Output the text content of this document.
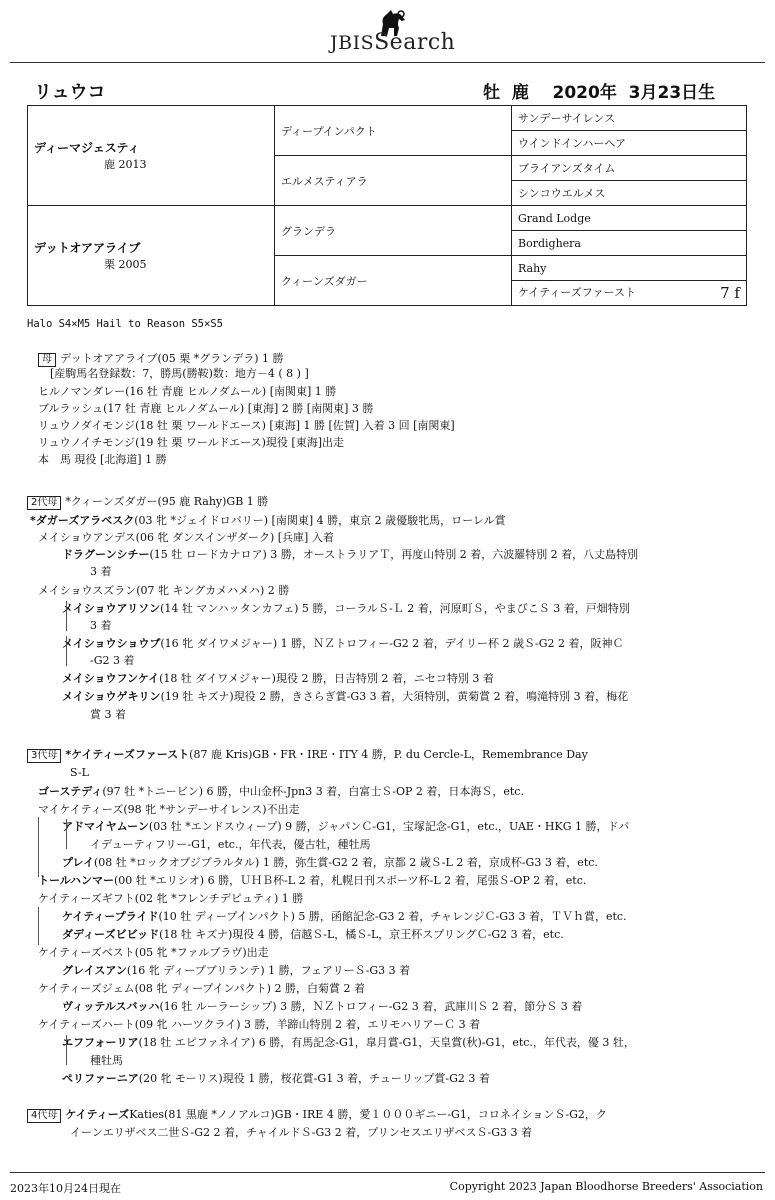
JBISSearch
リュウコ	牡  鹿    2020年  3月23日生
ディーマジェスティ
鹿 2013	ディープインパクト	サンデーサイレンス
		ウインドインハーヘア
	エルメスティアラ	ブライアンズタイム
		シンコウエルメス

デットオアアライブ
栗 2005	グランデラ	Grand Lodge
		Bordighera
	クィーンズダガー	Rahy
		ケイティーズファースト 7 f
Halo S4×M5 Hail to Reason S5×S5
母 デットオアアライブ(05 栗 *グランデラ) 1 勝
[産駒馬名登録数：7，勝馬(勝鞍)数：地方－4 ( 8 ) ]
ヒルノマンダレー(16 牡 青鹿 ヒルノダムール) [南関東] 1 勝
ブルラッシュ(17 牡 青鹿 ヒルノダムール) [東海] 2 勝 [南関東] 3 勝
リュウノダイモンジ(18 牡 栗 ワールドエース) [東海] 1 勝 [佐賀] 入着 3 回 [南関東]
リュウノイチモンジ(19 牡 栗 ワールドエース)現役 [東海]出走
本　馬 現役 [北海道] 1 勝
2代母 *クィーンズダガー(95 鹿 Rahy)GB 1 勝
*ダガーズアラベスク(03 牝 *ジェイドロバリー) [南関東] 4 勝，東京 2 歳優駿牝馬，ローレル賞
メイショウアンデス(06 牝 ダンスインザダーク) [兵庫] 入着
ドラグーンシチー(15 牡 ロードカナロア) 3 勝，オーストラリアＴ，再度山特別 2 着，六波羅特別 2 着，八丈島特別
3 着
メイショウスズラン(07 牝 キングカメハメハ) 2 勝
メイショウアリソン(14 牡 マンハッタンカフェ) 5 勝，コーラルＳ-Ｌ 2 着，河原町Ｓ，やまびこＳ 3 着，戸畑特別
3 着
メイショウショウブ(16 牝 ダイワメジャー) 1 勝，ＮＺトロフィー-G2 2 着，デイリー杯 2 歳Ｓ-G2 2 着，阪神Ｃ
-G2 3 着
メイショウフンケイ(18 牡 ダイワメジャー)現役 2 勝，日吉特別 2 着，ニセコ特別 3 着
メイショウゲキリン(19 牡 キズナ)現役 2 勝，きさらぎ賞-G3 3 着，大須特別，黄菊賞 2 着，鳴滝特別 3 着，梅花
賞 3 着
3代母 *ケイティーズファースト(87 鹿 Kris)GB・FR・IRE・ITY 4 勝，P. du Cercle-L，Remembrance Day
S-L
ゴーステディ(97 牡 *トニービン) 6 勝，中山金杯-Jpn3 3 着，白富士Ｓ-OP 2 着，日本海Ｓ，etc.
マイケイティーズ(98 牝 *サンデーサイレンス)不出走
アドマイヤムーン(03 牡 *エンドスウィープ) 9 勝，ジャパンＣ-G1，宝塚記念-G1，etc.，UAE・HKG 1 勝，ドバ
イデューティフリー-G1，etc.，年代表，優古牡，種牡馬
プレイ(08 牡 *ロックオブジブラルタル) 1 勝，弥生賞-G2 2 着，京都 2 歳Ｓ-L 2 着，京成杯-G3 3 着，etc.
トールハンマー(00 牡 *エリシオ) 6 勝，ＵＨＢ杯-L 2 着，札幌日刊スポーツ杯-L 2 着，尾張Ｓ-OP 2 着，etc.
ケイティーズギフト(02 牝 *フレンチデピュティ) 1 勝
ケイティープライド(10 牡 ディープインパクト) 5 勝，函館記念-G3 2 着，チャレンジＣ-G3 3 着，ＴＶｈ賞，etc.
ダディーズビビッド(18 牡 キズナ)現役 4 勝，信越Ｓ-L，橘Ｓ-L，京王杯スプリングＣ-G2 3 着，etc.
ケイティーズベスト(05 牝 *ファルブラヴ)出走
グレイスアン(16 牝 ディープブリランテ) 1 勝，フェアリーＳ-G3 3 着
ケイティーズジェム(08 牝 ディープインパクト) 2 勝，白菊賞 2 着
ヴィッテルスバッハ(16 牡 ルーラーシップ) 3 勝，ＮＺトロフィー-G2 3 着，武庫川Ｓ 2 着，節分Ｓ 3 着
ケイティーズハート(09 牝 ハーツクライ) 3 勝，羊蹄山特別 2 着，エリモハリアーＣ 3 着
エフフォーリア(18 牡 エピファネイア) 6 勝，有馬記念-G1，皐月賞-G1，天皇賞(秋)-G1，etc.，年代表，優 3 牡，
種牡馬
ペリファーニア(20 牝 モーリス)現役 1 勝，桜花賞-G1 3 着，チューリップ賞-G2 3 着
4代母 ケイティーズKaties(81 黒鹿 *ノノアルコ)GB・IRE 4 勝，愛１０００ギニー-G1，コロネイションＳ-G2，ク
イーンエリザベス二世Ｓ-G2 2 着，チャイルドＳ-G3 2 着，プリンセスエリザベスＳ-G3 3 着
2023年10月24日現在	Copyright 2023 Japan Bloodhorse Breeders' Association
